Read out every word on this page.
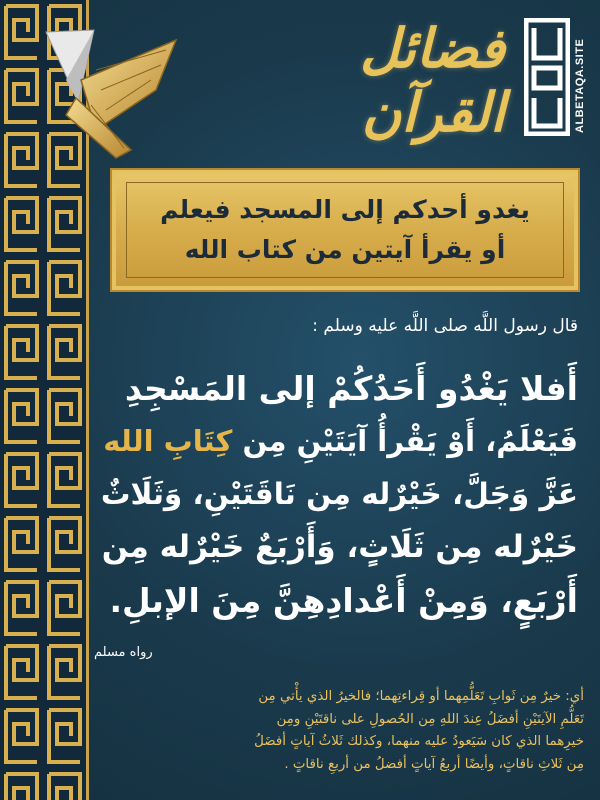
فضائل القرآن	ALBETAQA.SITE
يغدو أحدكم إلى المسجد فيعلم
أو يقرأ آيتين من كتاب الله
قال رسول اللَّه صلى اللَّه عليه وسلم :
أَفلا يَغْدُو أَحَدُكُمْ إلى المَسْجِدِ
فَيَعْلَمُ، أَوْ يَقْرأُ آيَتَيْنِ مِن كِتَابِ الله
عَزَّ وَجَلَّ، خَيْرٌله مِن نَاقَتَيْنِ، وَثَلَاثٌ
خَيْرٌله مِن ثَلَاثٍ، وَأَرْبَعٌ خَيْرٌله مِن
أَرْبَعٍ، وَمِنْ أَعْدادِهِنَّ مِنَ الإبلِ.
رواه مسلم
أي: خيرٌ مِن ثَوابِ تَعَلُّمِهما أو قِراءتِهما؛ فالخيرُ الذي يأْتي مِن
تَعَلُّمِ الآيتَيْنِ أفضَلُ عِندَ اللهِ مِن الحُصولِ على ناقتَيْنِ ومِن
خيرِهما الذي كان سَيَعودُ عليه منهما، وكذلك ثَلاثُ آياتٍ أفضَلُ
مِن ثَلاثِ ناقاتٍ، وأيضًا أربعُ آياتٍ أفضلُ من أربعِ ناقاتٍ .
